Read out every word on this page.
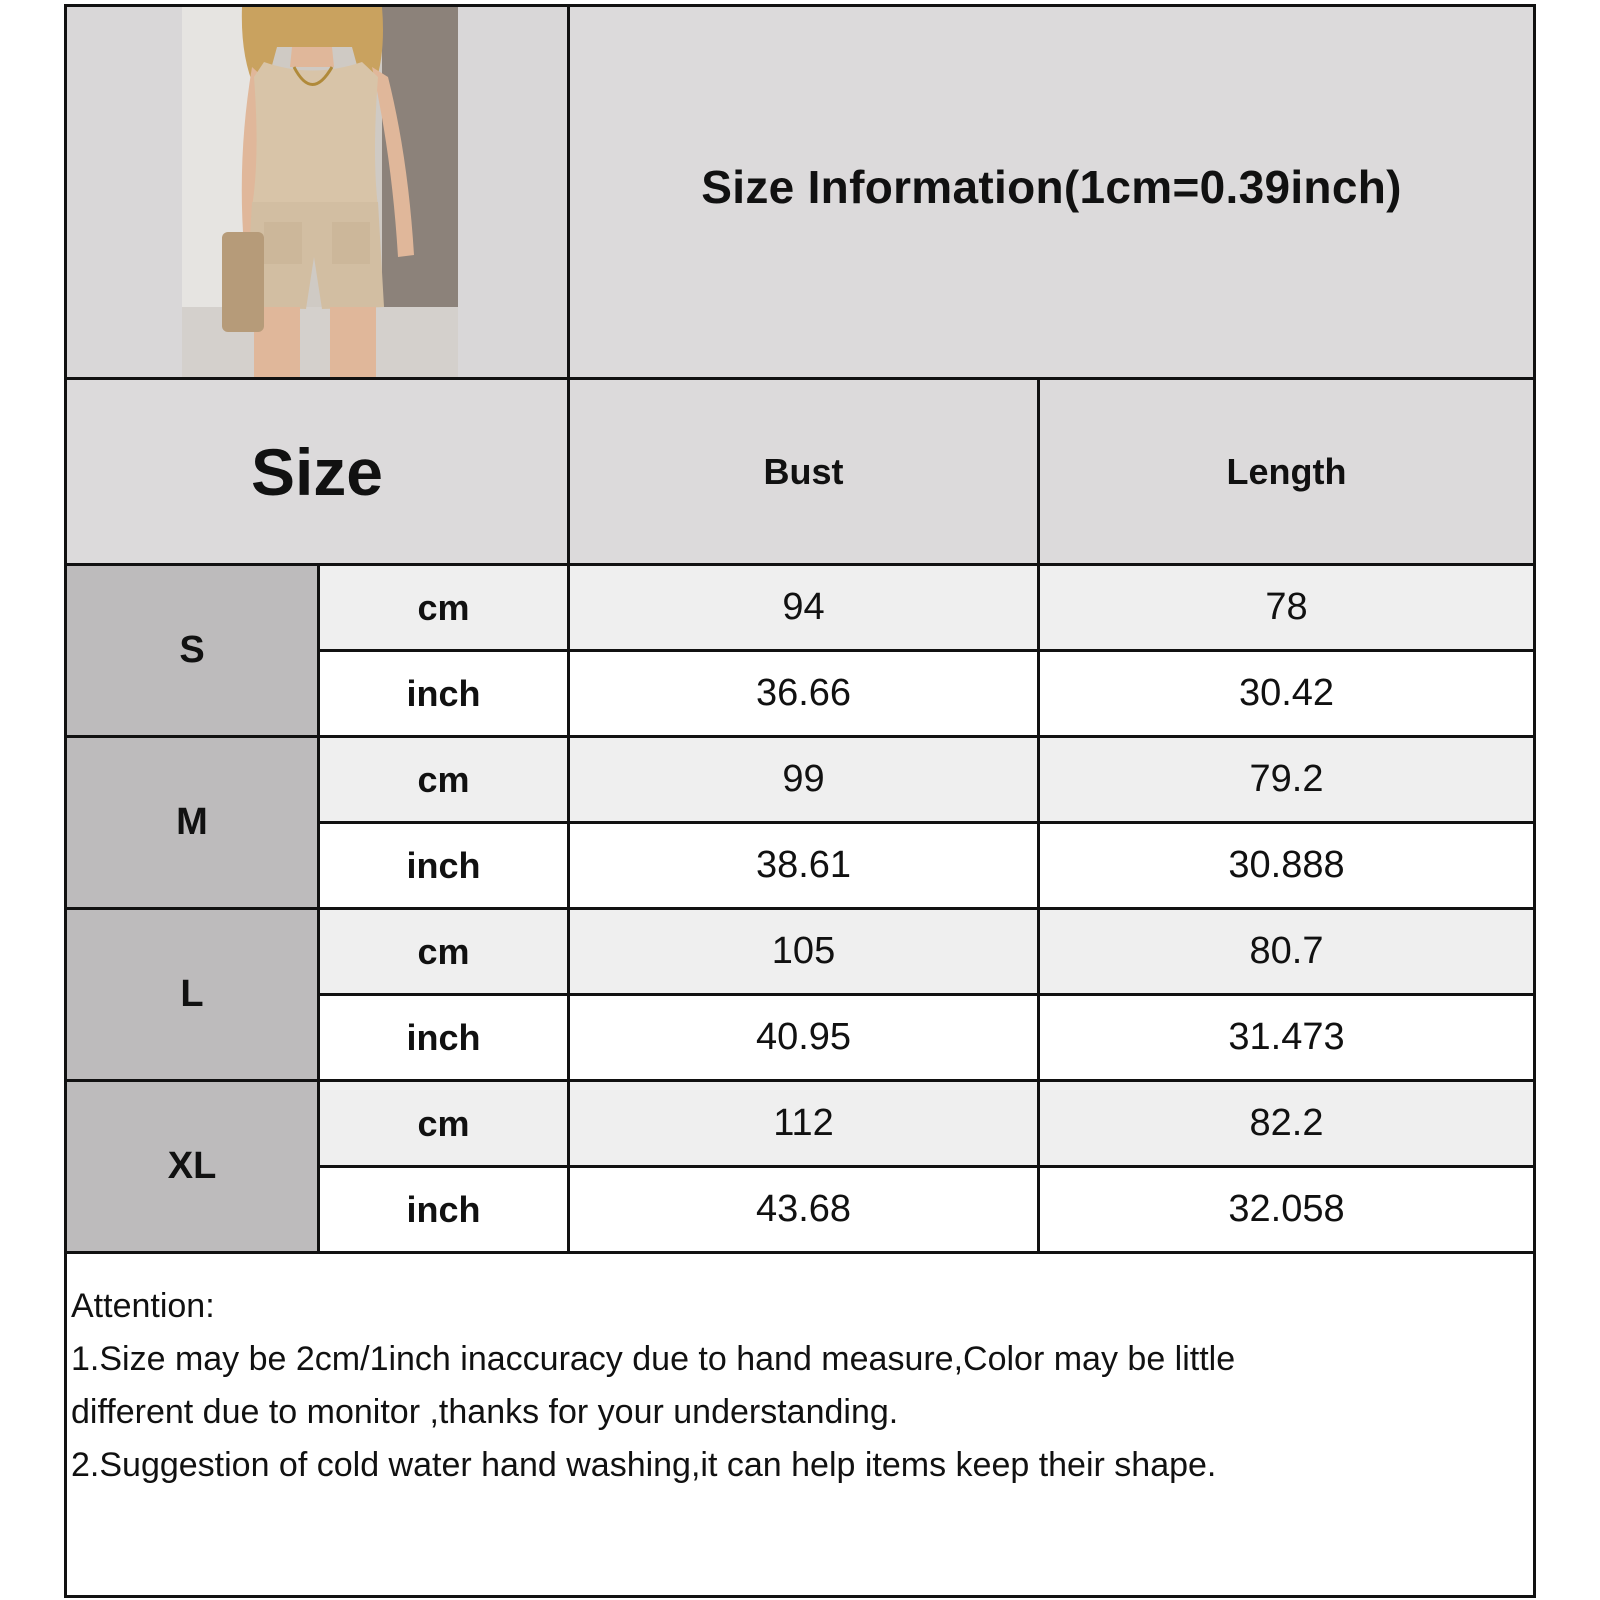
Size Information(1cm=0.39inch)
Size	Bust	Length
S
cm	94	78
inch	36.66	30.42
M
cm	99	79.2
inch	38.61	30.888
L
cm	105	80.7
inch	40.95	31.473
XL
cm	112	82.2
inch	43.68	32.058
Attention:
1.Size may be 2cm/1inch inaccuracy due to hand measure,Color may be little
different due to monitor ,thanks for your understanding.
2.Suggestion of cold water hand washing,it can help items keep their shape.
